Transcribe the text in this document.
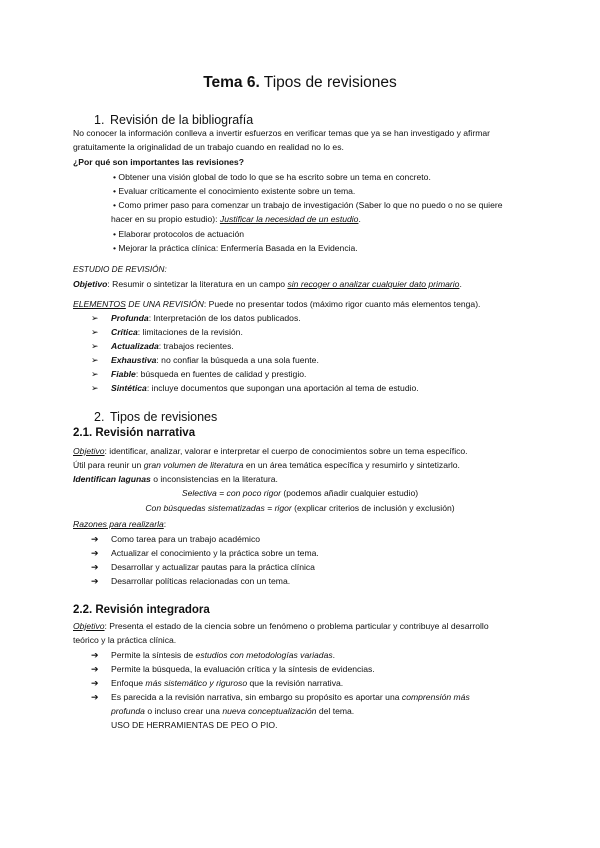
Tema 6. Tipos de revisiones
1. Revisión de la bibliografía
No conocer la información conlleva a invertir esfuerzos en verificar temas que ya se han investigado y afirmar
gratuitamente la originalidad de un trabajo cuando en realidad no lo es.
¿Por qué son importantes las revisiones?
• Obtener una visión global de todo lo que se ha escrito sobre un tema en concreto.
• Evaluar críticamente el conocimiento existente sobre un tema.
• Como primer paso para comenzar un trabajo de investigación (Saber lo que no puedo o no se quiere
hacer en su propio estudio): Justificar la necesidad de un estudio.
• Elaborar protocolos de actuación
• Mejorar la práctica clínica: Enfermería Basada en la Evidencia.
ESTUDIO DE REVISIÓN:
Objetivo: Resumir o sintetizar la literatura en un campo sin recoger o analizar cualquier dato primario.
ELEMENTOS DE UNA REVISIÓN: Puede no presentar todos (máximo rigor cuanto más elementos tenga).
➢ Profunda: Interpretación de los datos publicados.
➢ Crítica: limitaciones de la revisión.
➢ Actualizada: trabajos recientes.
➢ Exhaustiva: no confiar la búsqueda a una sola fuente.
➢ Fiable: búsqueda en fuentes de calidad y prestigio.
➢ Sintética: incluye documentos que supongan una aportación al tema de estudio.
2. Tipos de revisiones
2.1. Revisión narrativa
Objetivo: identificar, analizar, valorar e interpretar el cuerpo de conocimientos sobre un tema específico.
Útil para reunir un gran volumen de literatura en un área temática específica y resumirlo y sintetizarlo.
Identifican lagunas o inconsistencias en la literatura.
Selectiva = con poco rigor (podemos añadir cualquier estudio)
Con búsquedas sistematizadas = rigor (explicar criterios de inclusión y exclusión)
Razones para realizarla:
➔ Como tarea para un trabajo académico
➔ Actualizar el conocimiento y la práctica sobre un tema.
➔ Desarrollar y actualizar pautas para la práctica clínica
➔ Desarrollar políticas relacionadas con un tema.
2.2. Revisión integradora
Objetivo: Presenta el estado de la ciencia sobre un fenómeno o problema particular y contribuye al desarrollo
teórico y la práctica clínica.
➔ Permite la síntesis de estudios con metodologías variadas.
➔ Permite la búsqueda, la evaluación crítica y la síntesis de evidencias.
➔ Enfoque más sistemático y riguroso que la revisión narrativa.
➔ Es parecida a la revisión narrativa, sin embargo su propósito es aportar una comprensión más
profunda o incluso crear una nueva conceptualización del tema.
USO DE HERRAMIENTAS DE PEO O PIO.
